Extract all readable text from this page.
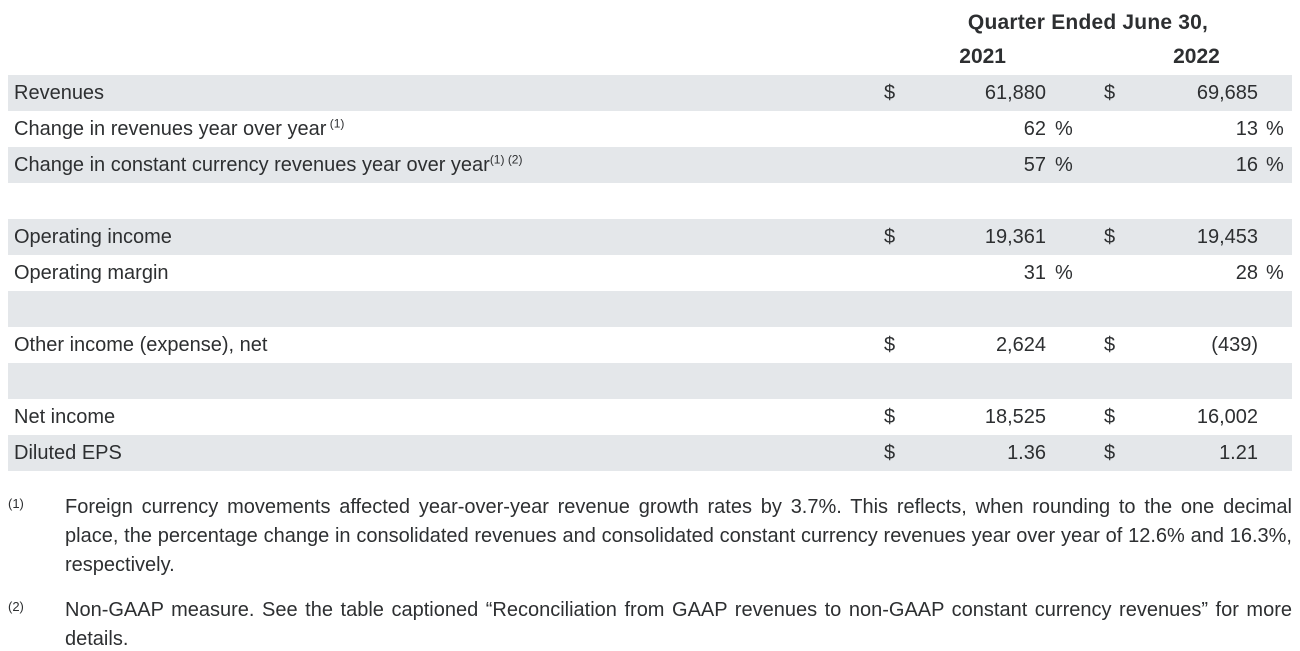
Quarter Ended June 30,
2021	2022
Revenues	$	61,880	$	69,685
Change in revenues year over year $^{(1)}$	62 %	13 %
Change in constant currency revenues year over year$^{(1) (2)}$	57 %	16 %
Operating income	$	19,361	$	19,453
Operating margin	31 %	28 %
Other income (expense), net	$	2,624	$	(439)
Net income	$	18,525	$	16,002
Diluted EPS	$	1.36	$	1.21
(1)	Foreign currency movements affected year-over-year revenue growth rates by 3.7%. This reflects, when rounding to the one decimal place, the percentage change in consolidated revenues and consolidated constant currency revenues year over year of 12.6% and 16.3%, respectively.
(2)	Non-GAAP measure. See the table captioned “Reconciliation from GAAP revenues to non-GAAP constant currency revenues” for more details.
